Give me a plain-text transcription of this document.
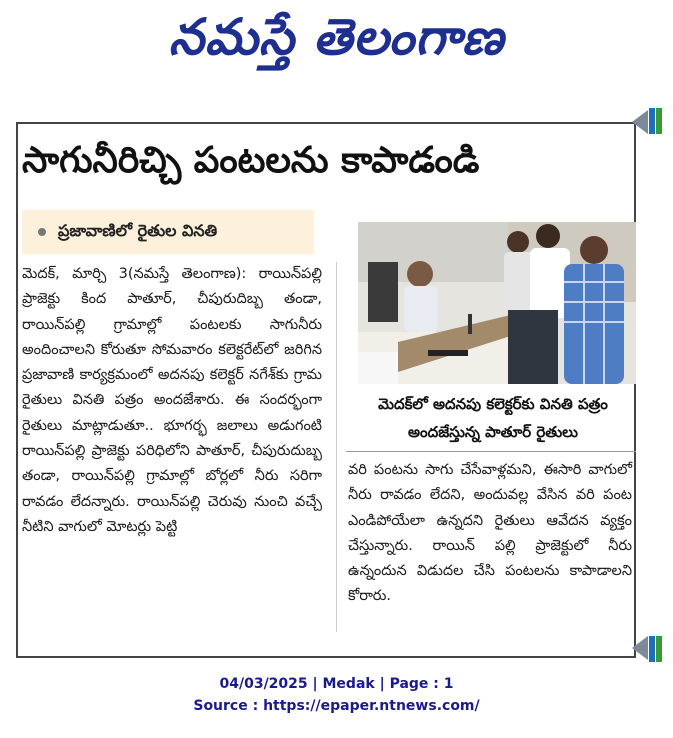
నమస్తే తెలంగాణ
సాగునీరిచ్చి పంటలను కాపాడండి
ప్రజావాణిలో రైతుల వినతి
మెదక్, మార్చి 3(నమస్తే తెలంగాణ): రాయిన్‌పల్లి ప్రాజెక్టు కింద పాతూర్, చీపురుదిబ్బ తండా, రాయిన్‌పల్లి గ్రామాల్లో పంటలకు సాగునీరు అందించాలని కోరుతూ సోమవారం కలెక్టరేట్‌లో జరిగిన ప్రజావాణి కార్యక్రమంలో అదనపు కలెక్టర్ నగేశ్‌కు గ్రామ రైతులు వినతి పత్రం అందజేశారు. ఈ సందర్భంగా రైతులు మాట్లాడుతూ.. భూగర్భ జలాలు అడుగంటి రాయిన్‌పల్లి ప్రాజెక్టు పరిధిలోని పాతూర్, చీపురుదుబ్బ తండా, రాయిన్‌పల్లి గ్రామాల్లో బోర్లలో నీరు సరిగా రావడం లేదన్నారు. రాయిన్‌పల్లి చెరువు నుంచి వచ్చే నీటిని వాగులో మోటర్లు పెట్టి
మెదక్‌లో అదనపు కలెక్టర్‌కు వినతి పత్రం
అందజేస్తున్న పాతూర్ రైతులు
వరి పంటను సాగు చేసేవాళ్లమని, ఈసారి వాగులో నీరు రావడం లేదని, అందువల్ల వేసిన వరి పంట ఎండిపోయేలా ఉన్నదని రైతులు ఆవేదన వ్యక్తం చేస్తున్నారు. రాయిన్ పల్లి ప్రాజెక్టులో నీరు ఉన్నందున విడుదల చేసి పంటలను కాపాడాలని కోరారు.
04/03/2025 | Medak | Page : 1
Source : https://epaper.ntnews.com/
